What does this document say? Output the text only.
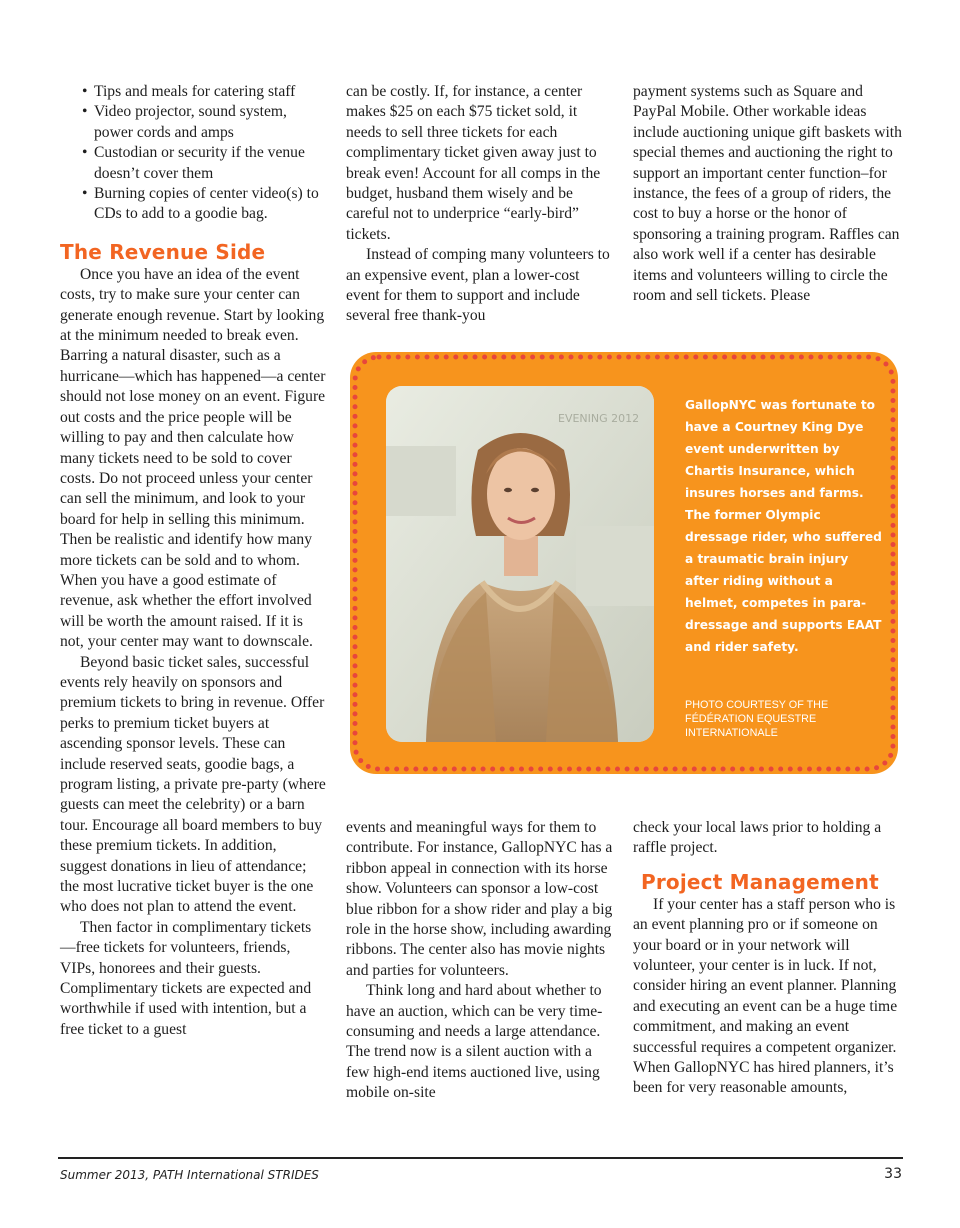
• Tips and meals for catering staff
• Video projector, sound system, power cords and amps
• Custodian or security if the venue doesn’t cover them
• Burning copies of center video(s) to CDs to add to a goodie bag.
The Revenue Side

Once you have an idea of the event costs, try to make sure your center can generate enough revenue. Start by looking at the minimum needed to break even. Barring a natural disaster, such as a hurricane—which has happened—a center should not lose money on an event. Figure out costs and the price people will be willing to pay and then calculate how many tickets need to be sold to cover costs. Do not proceed unless your center can sell the minimum, and look to your board for help in selling this minimum. Then be realistic and identify how many more tickets can be sold and to whom. When you have a good estimate of revenue, ask whether the effort involved will be worth the amount raised. If it is not, your center may want to downscale.

Beyond basic ticket sales, successful events rely heavily on sponsors and premium tickets to bring in revenue. Offer perks to premium ticket buyers at ascending sponsor levels. These can include reserved seats, goodie bags, a program listing, a private pre-party (where guests can meet the celebrity) or a barn tour. Encourage all board members to buy these premium tickets. In addition, suggest donations in lieu of attendance; the most lucrative ticket buyer is the one who does not plan to attend the event.

Then factor in complimentary tickets—free tickets for volunteers, friends, VIPs, honorees and their guests. Complimentary tickets are expected and worthwhile if used with intention, but a free ticket to a guest

can be costly. If, for instance, a center makes $25 on each $75 ticket sold, it needs to sell three tickets for each complimentary ticket given away just to break even! Account for all comps in the budget, husband them wisely and be careful not to underprice “early-bird” tickets.

Instead of comping many volunteers to an expensive event, plan a lower-cost event for them to support and include several free thank-you

payment systems such as Square and PayPal Mobile. Other workable ideas include auctioning unique gift baskets with special themes and auctioning the right to support an important center function–for instance, the fees of a group of riders, the cost to buy a horse or the honor of sponsoring a training program. Raffles can also work well if a center has desirable items and volunteers willing to circle the room and sell tickets. Please

EVENING 2012
GallopNYC was fortunate to have a Courtney King Dye event underwritten by Chartis Insurance, which insures horses and farms. The former Olympic dressage rider, who suffered a traumatic brain injury after riding without a helmet, competes in para-dressage and supports EAAT and rider safety.
PHOTO COURTESY OF THE FÉDÉRATION EQUESTRE INTERNATIONALE

events and meaningful ways for them to contribute. For instance, GallopNYC has a ribbon appeal in connection with its horse show. Volunteers can sponsor a low-cost blue ribbon for a show rider and play a big role in the horse show, including awarding ribbons. The center also has movie nights and parties for volunteers.

Think long and hard about whether to have an auction, which can be very time-consuming and needs a large attendance. The trend now is a silent auction with a few high-end items auctioned live, using mobile on-site

check your local laws prior to holding a raffle project.

Project Management

If your center has a staff person who is an event planning pro or if someone on your board or in your network will volunteer, your center is in luck. If not, consider hiring an event planner. Planning and executing an event can be a huge time commitment, and making an event successful requires a competent organizer. When GallopNYC has hired planners, it’s been for very reasonable amounts,

Summer 2013, PATH International STRIDES	33
